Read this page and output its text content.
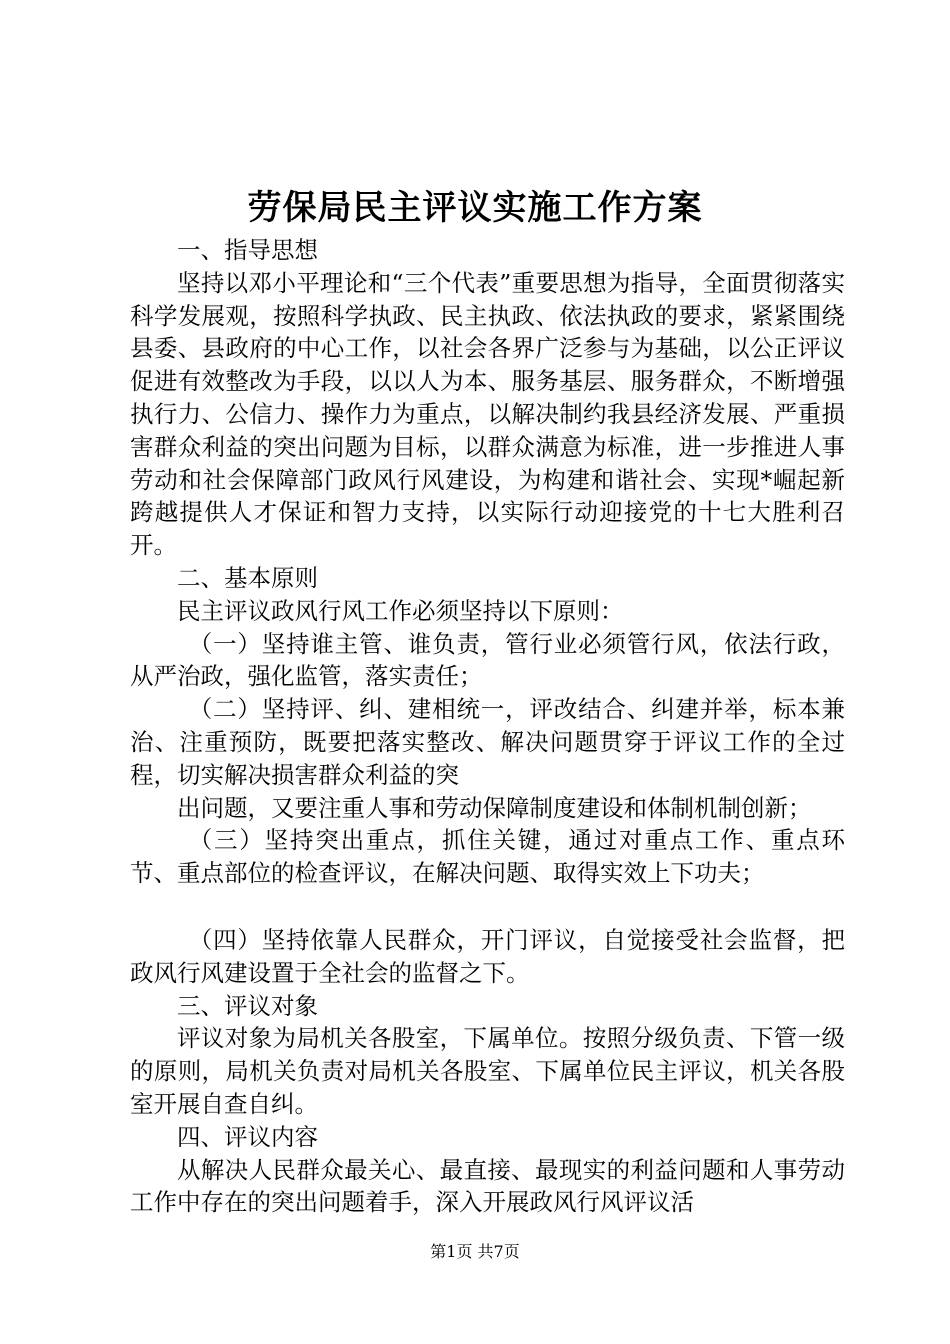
劳保局民主评议实施工作方案

一、指导思想

坚持以邓小平理论和“三个代表”重要思想为指导，全面贯彻落实科学发展观，按照科学执政、民主执政、依法执政的要求，紧紧围绕县委、县政府的中心工作，以社会各界广泛参与为基础，以公正评议促进有效整改为手段，以以人为本、服务基层、服务群众，不断增强执行力、公信力、操作力为重点，以解决制约我县经济发展、严重损害群众利益的突出问题为目标，以群众满意为标准，进一步推进人事劳动和社会保障部门政风行风建设，为构建和谐社会、实现*崛起新跨越提供人才保证和智力支持，以实际行动迎接党的十七大胜利召开。

二、基本原则

民主评议政风行风工作必须坚持以下原则：

（一）坚持谁主管、谁负责，管行业必须管行风，依法行政，从严治政，强化监管，落实责任；

（二）坚持评、纠、建相统一，评改结合、纠建并举，标本兼治、注重预防，既要把落实整改、解决问题贯穿于评议工作的全过程，切实解决损害群众利益的突

出问题，又要注重人事和劳动保障制度建设和体制机制创新；

（三）坚持突出重点，抓住关键，通过对重点工作、重点环节、重点部位的检查评议，在解决问题、取得实效上下功夫；

（四）坚持依靠人民群众，开门评议，自觉接受社会监督，把政风行风建设置于全社会的监督之下。

三、评议对象

评议对象为局机关各股室，下属单位。按照分级负责、下管一级的原则，局机关负责对局机关各股室、下属单位民主评议，机关各股室开展自查自纠。

四、评议内容

从解决人民群众最关心、最直接、最现实的利益问题和人事劳动工作中存在的突出问题着手，深入开展政风行风评议活

第1页 共7页
